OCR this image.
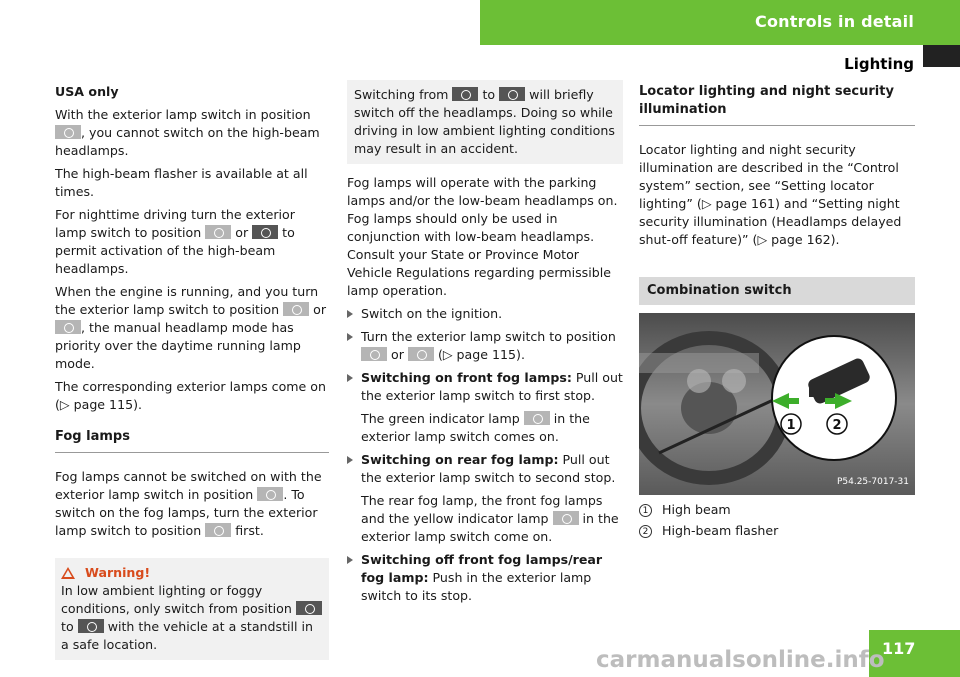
Controls in detail
Lighting

USA only

With the exterior lamp switch in position , you cannot switch on the high-beam headlamps.

The high-beam flasher is available at all times.

For nighttime driving turn the exterior lamp switch to position	or	to permit activation of the high-beam headlamps.

When the engine is running, and you turn the exterior lamp switch to position	or , the manual headlamp mode has priority over the daytime running lamp mode.

The corresponding exterior lamps come on (▷ page 115).

Fog lamps

Fog lamps cannot be switched on with the exterior lamp switch in position . To switch on the fog lamps, turn the exterior lamp switch to position	first.

Warning!
In low ambient lighting or foggy conditions, only switch from position  to	with the vehicle at a standstill in a safe location.
Switching from	to	will briefly switch off the headlamps. Doing so while driving in low ambient lighting conditions may result in an accident.

Fog lamps will operate with the parking lamps and/or the low-beam headlamps on. Fog lamps should only be used in conjunction with low-beam headlamps. Consult your State or Province Motor Vehicle Regulations regarding permissible lamp operation.

Switch on the ignition.
Turn the exterior lamp switch to position  or	(▷ page 115).
Switching on front fog lamps: Pull out the exterior lamp switch to first stop.
The green indicator lamp	in the exterior lamp switch comes on.
Switching on rear fog lamp: Pull out the exterior lamp switch to second stop.
The rear fog lamp, the front fog lamps and the yellow indicator lamp	in the exterior lamp switch come on.
Switching off front fog lamps/rear fog lamp: Push in the exterior lamp switch to its stop.
Locator lighting and night security illumination

Locator lighting and night security illumination are described in the “Control system” section, see “Setting locator lighting” (▷ page 161) and “Setting night security illumination (Headlamps delayed shut-off feature)” (▷ page 162).

Combination switch
1	2
P54.25-7017-31
1 High beam
2 High-beam flasher
carmanualsonline.info
117
